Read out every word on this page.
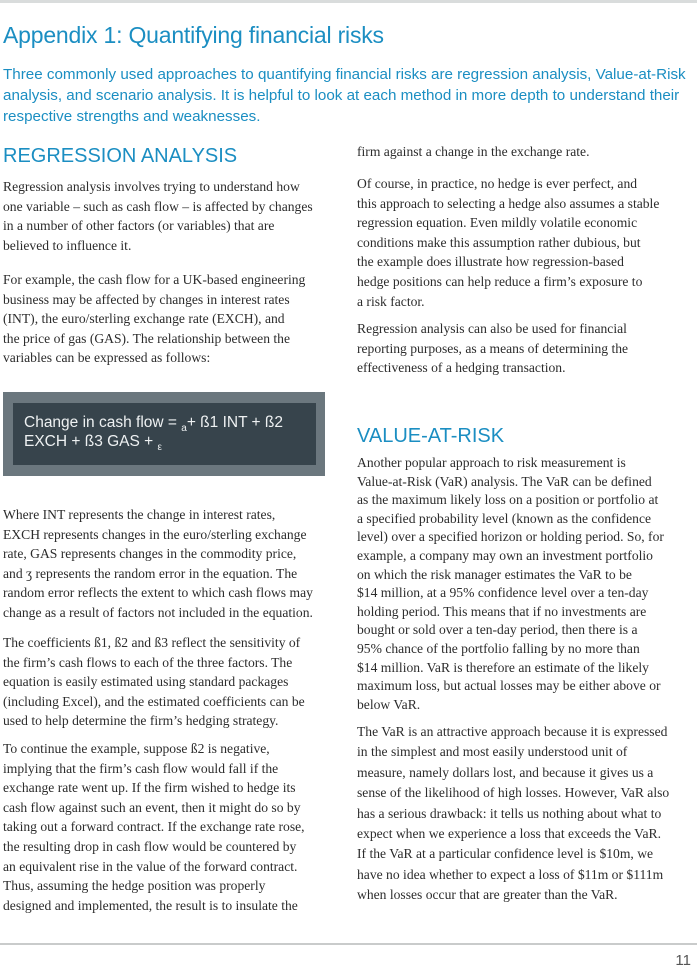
Appendix 1: Quantifying financial risks
Three commonly used approaches to quantifying financial risks are regression analysis, Value-at-Risk
analysis, and scenario analysis. It is helpful to look at each method in more depth to understand their
respective strengths and weaknesses.
REGRESSION ANALYSIS
Regression analysis involves trying to understand how
one variable – such as cash flow – is affected by changes
in a number of other factors (or variables) that are
believed to influence it.
For example, the cash flow for a UK-based engineering
business may be affected by changes in interest rates
(INT), the euro/sterling exchange rate (EXCH), and
the price of gas (GAS). The relationship between the
variables can be expressed as follows:
Change in cash flow = $_a$+ ß1 INT + ß2
EXCH + ß3 GAS + $_\varepsilon$
Where INT represents the change in interest rates,
EXCH represents changes in the euro/sterling exchange
rate, GAS represents changes in the commodity price,
and ʒ represents the random error in the equation. The
random error reflects the extent to which cash flows may
change as a result of factors not included in the equation.
The coefficients ß1, ß2 and ß3 reflect the sensitivity of
the firm’s cash flows to each of the three factors. The
equation is easily estimated using standard packages
(including Excel), and the estimated coefficients can be
used to help determine the firm’s hedging strategy.
To continue the example, suppose ß2 is negative,
implying that the firm’s cash flow would fall if the
exchange rate went up. If the firm wished to hedge its
cash flow against such an event, then it might do so by
taking out a forward contract. If the exchange rate rose,
the resulting drop in cash flow would be countered by
an equivalent rise in the value of the forward contract.
Thus, assuming the hedge position was properly
designed and implemented, the result is to insulate the
firm against a change in the exchange rate.
Of course, in practice, no hedge is ever perfect, and
this approach to selecting a hedge also assumes a stable
regression equation. Even mildly volatile economic
conditions make this assumption rather dubious, but
the example does illustrate how regression-based
hedge positions can help reduce a firm’s exposure to
a risk factor.
Regression analysis can also be used for financial
reporting purposes, as a means of determining the
effectiveness of a hedging transaction.
VALUE-AT-RISK
Another popular approach to risk measurement is
Value-at-Risk (VaR) analysis. The VaR can be defined
as the maximum likely loss on a position or portfolio at
a specified probability level (known as the confidence
level) over a specified horizon or holding period. So, for
example, a company may own an investment portfolio
on which the risk manager estimates the VaR to be
$14 million, at a 95% confidence level over a ten-day
holding period. This means that if no investments are
bought or sold over a ten-day period, then there is a
95% chance of the portfolio falling by no more than
$14 million. VaR is therefore an estimate of the likely
maximum loss, but actual losses may be either above or
below VaR.
The VaR is an attractive approach because it is expressed
in the simplest and most easily understood unit of
measure, namely dollars lost, and because it gives us a
sense of the likelihood of high losses. However, VaR also
has a serious drawback: it tells us nothing about what to
expect when we experience a loss that exceeds the VaR.
If the VaR at a particular confidence level is $10m, we
have no idea whether to expect a loss of $11m or $111m
when losses occur that are greater than the VaR.
11
